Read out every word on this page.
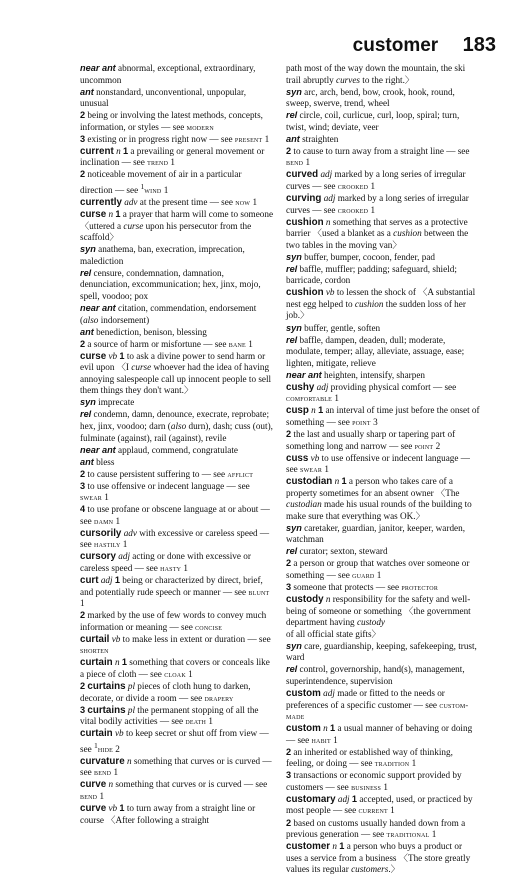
customer 183
near ant abnormal, exceptional, extraordinary, uncommon
ant nonstandard, unconventional, unpopular, unusual
2 being or involving the latest methods, concepts, information, or styles — see modern
3 existing or in progress right now — see present 1
current n 1 a prevailing or general movement or inclination — see trend 1
2 noticeable movement of air in a particular direction — see $^1$wind 1
currently adv at the present time — see now 1
curse n 1 a prayer that harm will come to someone 〈uttered a curse upon his persecutor from the scaffold〉
syn anathema, ban, execration, imprecation, malediction
rel censure, condemnation, damnation, denunciation, excommunication; hex, jinx, mojo, spell, voodoo; pox
near ant citation, commendation, endorsement (also indorsement)
ant benediction, benison, blessing
2 a source of harm or misfortune — see bane 1
curse vb 1 to ask a divine power to send harm or evil upon 〈I curse whoever had the idea of having annoying salespeople call up innocent people to sell them things they don't want.〉
syn imprecate
rel condemn, damn, denounce, execrate, reprobate; hex, jinx, voodoo; darn (also durn), dash; cuss (out), fulminate (against), rail (against), revile
near ant applaud, commend, congratulate
ant bless
2 to cause persistent suffering to — see afflict
3 to use offensive or indecent language — see swear 1
4 to use profane or obscene language at or about — see damn 1
cursorily adv with excessive or careless speed — see hastily 1
cursory adj acting or done with excessive or careless speed — see hasty 1
curt adj 1 being or characterized by direct, brief, and potentially rude speech or manner — see blunt 1
2 marked by the use of few words to convey much information or meaning — see concise
curtail vb to make less in extent or duration — see shorten
curtain n 1 something that covers or conceals like a piece of cloth — see cloak 1
2 curtains pl pieces of cloth hung to darken, decorate, or divide a room — see drapery
3 curtains pl the permanent stopping of all the vital bodily activities — see death 1
curtain vb to keep secret or shut off from view — see $^1$hide 2
curvature n something that curves or is curved — see bend 1
curve n something that curves or is curved — see bend 1
curve vb 1 to turn away from a straight line or course 〈After following a straight
path most of the way down the mountain, the ski trail abruptly curves to the right.〉
syn arc, arch, bend, bow, crook, hook, round, sweep, swerve, trend, wheel
rel circle, coil, curlicue, curl, loop, spiral; turn, twist, wind; deviate, veer
ant straighten
2 to cause to turn away from a straight line — see bend 1
curved adj marked by a long series of irregular curves — see crooked 1
curving adj marked by a long series of irregular curves — see crooked 1
cushion n something that serves as a protective barrier 〈used a blanket as a cushion between the two tables in the moving van〉
syn buffer, bumper, cocoon, fender, pad
rel baffle, muffler; padding; safeguard, shield; barricade, cordon
cushion vb to lessen the shock of 〈A substantial nest egg helped to cushion the sudden loss of her job.〉
syn buffer, gentle, soften
rel baffle, dampen, deaden, dull; moderate, modulate, temper; allay, alleviate, assuage, ease; lighten, mitigate, relieve
near ant heighten, intensify, sharpen
cushy adj providing physical comfort — see comfortable 1
cusp n 1 an interval of time just before the onset of something — see point 3
2 the last and usually sharp or tapering part of something long and narrow — see point 2
cuss vb to use offensive or indecent language — see swear 1
custodian n 1 a person who takes care of a property sometimes for an absent owner 〈The custodian made his usual rounds of the building to make sure that everything was OK.〉
syn caretaker, guardian, janitor, keeper, warden, watchman
rel curator; sexton, steward
2 a person or group that watches over someone or something — see guard 1
3 someone that protects — see protector
custody n responsibility for the safety and well-being of someone or something 〈the government department having custody of all official state gifts〉
syn care, guardianship, keeping, safekeeping, trust, ward
rel control, governorship, hand(s), management, superintendence, supervision
custom adj made or fitted to the needs or preferences of a specific customer — see custom-made
custom n 1 a usual manner of behaving or doing — see habit 1
2 an inherited or established way of thinking, feeling, or doing — see tradition 1
3 transactions or economic support provided by customers — see business 1
customary adj 1 accepted, used, or practiced by most people — see current 1
2 based on customs usually handed down from a previous generation — see traditional 1
customer n 1 a person who buys a product or uses a service from a business 〈The store greatly values its regular customers.〉
